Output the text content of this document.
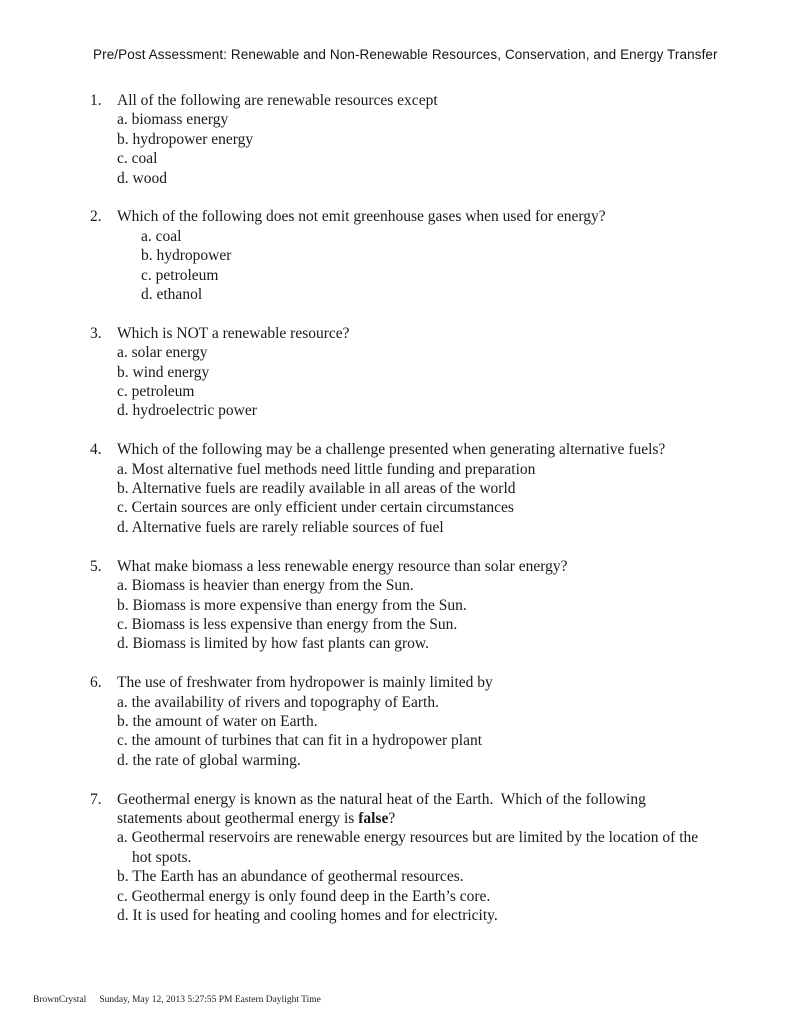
Pre/Post Assessment: Renewable and Non-Renewable Resources, Conservation, and Energy Transfer
1. All of the following are renewable resources except
a. biomass energy
b. hydropower energy
c. coal
d. wood
2. Which of the following does not emit greenhouse gases when used for energy?
a. coal
b. hydropower
c. petroleum
d. ethanol
3. Which is NOT a renewable resource?
a. solar energy
b. wind energy
c. petroleum
d. hydroelectric power
4. Which of the following may be a challenge presented when generating alternative fuels?
a. Most alternative fuel methods need little funding and preparation
b. Alternative fuels are readily available in all areas of the world
c. Certain sources are only efficient under certain circumstances
d. Alternative fuels are rarely reliable sources of fuel
5. What make biomass a less renewable energy resource than solar energy?
a. Biomass is heavier than energy from the Sun.
b. Biomass is more expensive than energy from the Sun.
c. Biomass is less expensive than energy from the Sun.
d. Biomass is limited by how fast plants can grow.
6. The use of freshwater from hydropower is mainly limited by
a. the availability of rivers and topography of Earth.
b. the amount of water on Earth.
c. the amount of turbines that can fit in a hydropower plant
d. the rate of global warming.
7. Geothermal energy is known as the natural heat of the Earth.  Which of the following statements about geothermal energy is false?
a. Geothermal reservoirs are renewable energy resources but are limited by the location of the hot spots.
b. The Earth has an abundance of geothermal resources.
c. Geothermal energy is only found deep in the Earth’s core.
d. It is used for heating and cooling homes and for electricity.
BrownCrystal Sunday, May 12, 2013 5:27:55 PM Eastern Daylight Time
